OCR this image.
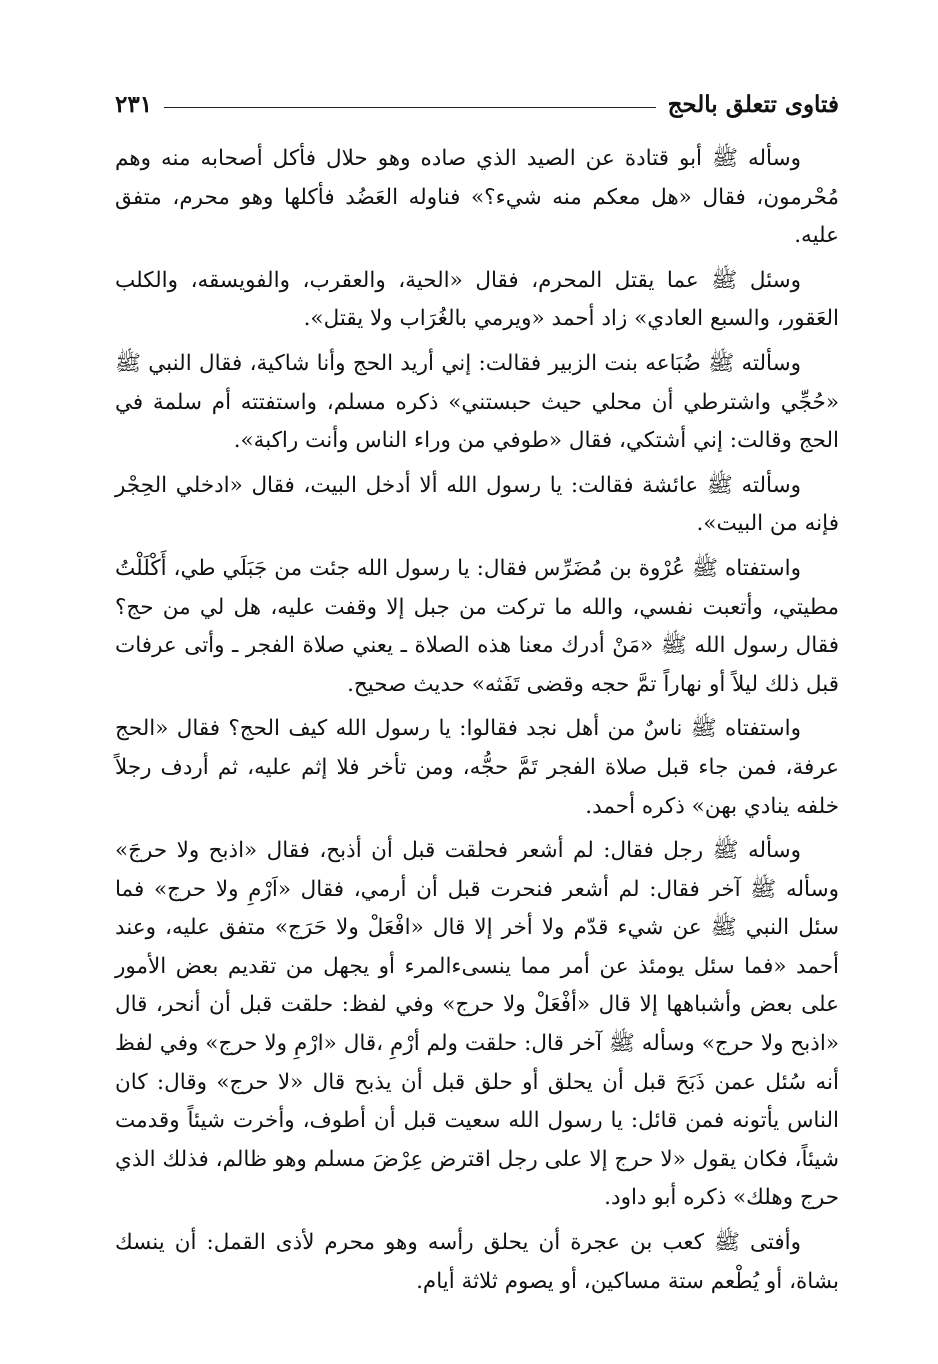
فتاوى تتعلق بالحج
٢٣١

وسأله ﷺ أبو قتادة عن الصيد الذي صاده وهو حلال فأكل أصحابه منه وهم مُحْرمون، فقال «هل معكم منه شيء؟» فناوله العَضُد فأكلها وهو محرم، متفق عليه.

وسئل ﷺ عما يقتل المحرم، فقال «الحية، والعقرب، والفويسقه، والكلب العَقور، والسبع العادي» زاد أحمد «ويرمي بالغُرَاب ولا يقتل».

وسألته ﷺ ضُبَاعه بنت الزبير فقالت: إني أريد الحج وأنا شاكية، فقال النبي ﷺ «حُجِّي واشترطي أن محلي حيث حبستني» ذكره مسلم، واستفتته أم سلمة في الحج وقالت: إني أشتكي، فقال «طوفي من وراء الناس وأنت راكبة».

وسألته ﷺ عائشة فقالت: يا رسول الله ألا أدخل البيت، فقال «ادخلي الحِجْر فإنه من البيت».

واستفتاه ﷺ عُرْوة بن مُضَرِّس فقال: يا رسول الله جئت من جَبَلَي طي، أَكْلَلْتُ مطيتي، وأتعبت نفسي، والله ما تركت من جبل إلا وقفت عليه، هل لي من حج؟ فقال رسول الله ﷺ «مَنْ أدرك معنا هذه الصلاة ـ يعني صلاة الفجر ـ وأتى عرفات قبل ذلك ليلاً أو نهاراً تمَّ حجه وقضى تَفَثه» حديث صحيح.

واستفتاه ﷺ ناسٌ من أهل نجد فقالوا: يا رسول الله كيف الحج؟ فقال «الحج عرفة، فمن جاء قبل صلاة الفجر تَمَّ حجُّه، ومن تأخر فلا إثم عليه، ثم أردف رجلاً خلفه ينادي بهن» ذكره أحمد.

وسأله ﷺ رجل فقال: لم أشعر فحلقت قبل أن أذبح، فقال «اذبح ولا حرجَ» وسأله ﷺ آخر فقال: لم أشعر فنحرت قبل أن أرمي، فقال «اَرْمِ ولا حرج» فما سئل النبي ﷺ عن شيء قدّم ولا أخر إلا قال «افْعَلْ ولا حَرَج» متفق عليه، وعند أحمد «فما سئل يومئذ عن أمر مما ينسىءالمرء أو يجهل من تقديم بعض الأمور على بعض وأشباهها إلا قال «أفْعَلْ ولا حرج» وفي لفظ: حلقت قبل أن أنحر، قال «اذبح ولا حرج» وسأله ﷺ آخر قال: حلقت ولم أرْمِ ،قال «ارْمِ ولا حرج» وفي لفظ أنه سُئل عمن ذَبَحَ قبل أن يحلق أو حلق قبل أن يذبح قال «لا حرج» وقال: كان الناس يأتونه فمن قائل: يا رسول الله سعيت قبل أن أطوف، وأخرت شيئاً وقدمت شيئاً، فكان يقول «لا حرج إلا على رجل اقترض عِرْضَ مسلم وهو ظالم، فذلك الذي حرج وهلك» ذكره أبو داود.

وأفتى ﷺ كعب بن عجرة أن يحلق رأسه وهو محرم لأذى القمل: أن ينسك بشاة، أو يُطْعم ستة مساكين، أو يصوم ثلاثة أيام.
